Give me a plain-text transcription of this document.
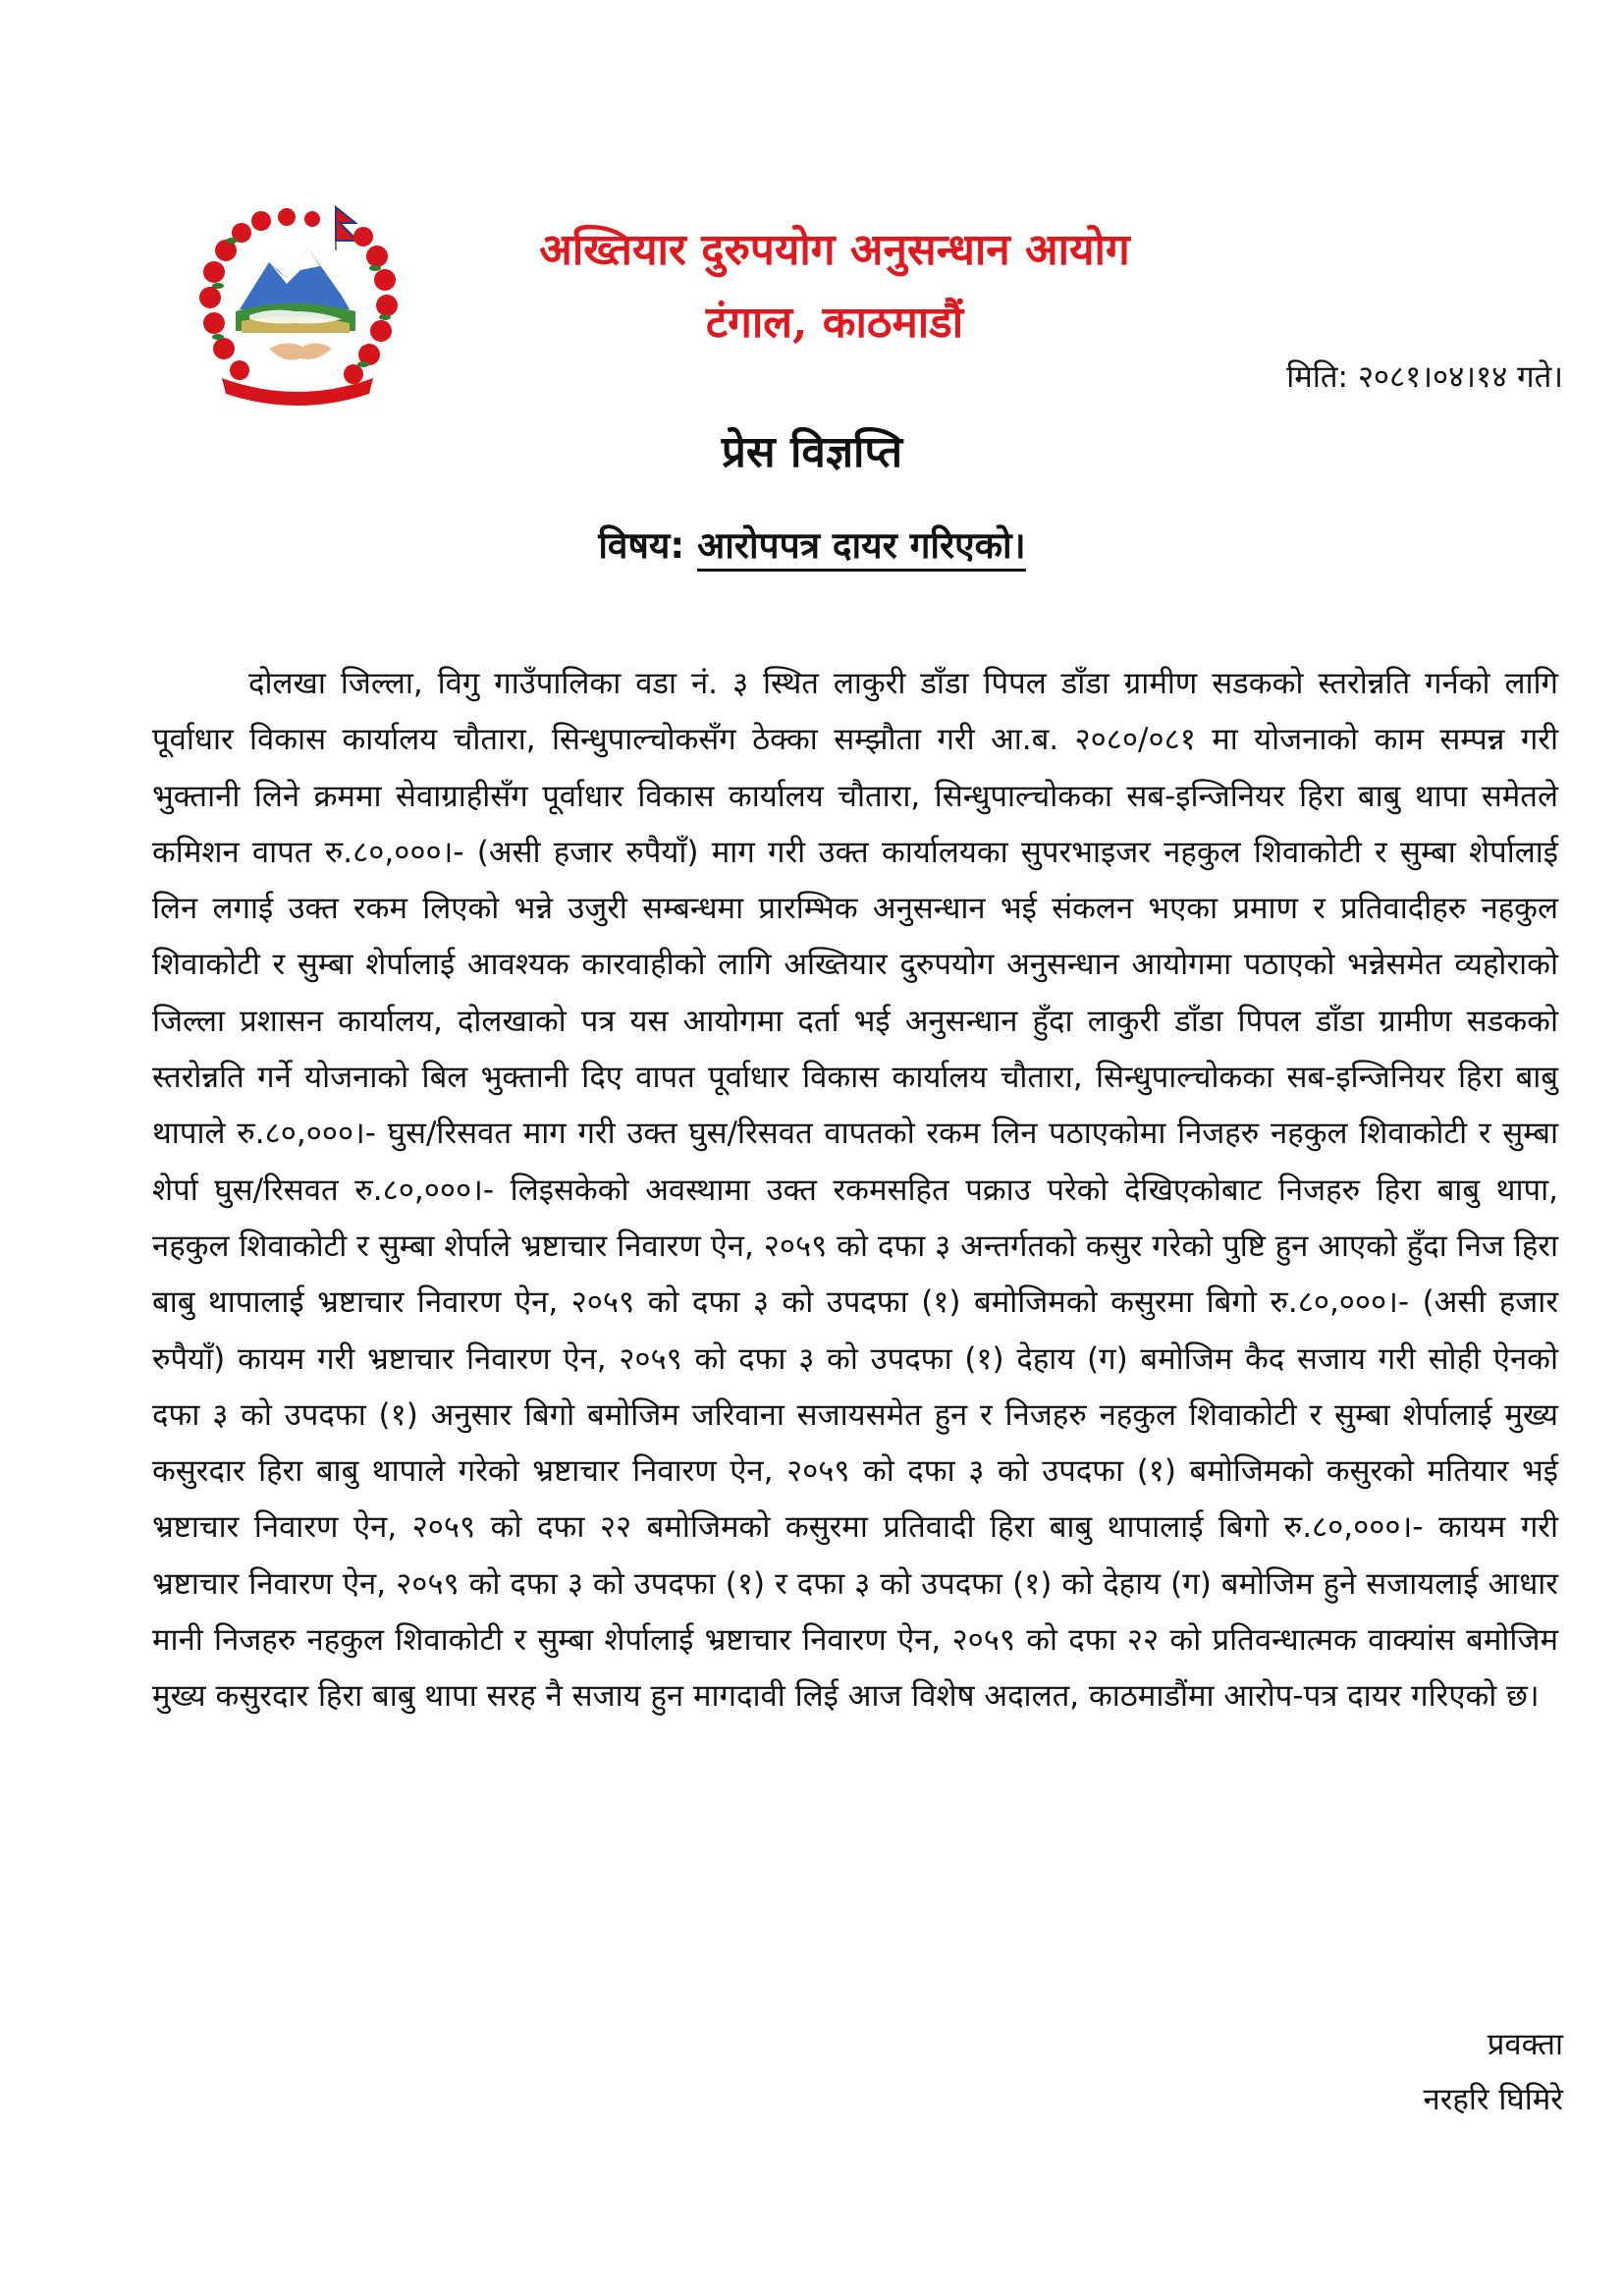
अख्तियार दुरुपयोग अनुसन्धान आयोग
टंगाल, काठमाडौं
मिति: २०८१।०४।१४ गते।
प्रेस विज्ञप्ति
विषय: आरोपपत्र दायर गरिएको।

दोलखा जिल्ला, विगु गाउँपालिका वडा नं. ३ स्थित लाकुरी डाँडा पिपल डाँडा ग्रामीण सडकको स्तरोन्नति गर्नको लागि पूर्वाधार विकास कार्यालय चौतारा, सिन्धुपाल्चोकसँग ठेक्का सम्झौता गरी आ.ब. २०८०/०८१ मा योजनाको काम सम्पन्न गरी भुक्तानी लिने क्रममा सेवाग्राहीसँग पूर्वाधार विकास कार्यालय चौतारा, सिन्धुपाल्चोकका सब-इन्जिनियर हिरा बाबु थापा समेतले कमिशन वापत रु.८०,०००।- (असी हजार रुपैयाँ) माग गरी उक्त कार्यालयका सुपरभाइजर नहकुल शिवाकोटी र सुम्बा शेर्पालाई लिन लगाई उक्त रकम लिएको भन्ने उजुरी सम्बन्धमा प्रारम्भिक अनुसन्धान भई संकलन भएका प्रमाण र प्रतिवादीहरु नहकुल शिवाकोटी र सुम्बा शेर्पालाई आवश्यक कारवाहीको लागि अख्तियार दुरुपयोग अनुसन्धान आयोगमा पठाएको भन्नेसमेत व्यहोराको जिल्ला प्रशासन कार्यालय, दोलखाको पत्र यस आयोगमा दर्ता भई अनुसन्धान हुँदा लाकुरी डाँडा पिपल डाँडा ग्रामीण सडकको स्तरोन्नति गर्ने योजनाको बिल भुक्तानी दिए वापत पूर्वाधार विकास कार्यालय चौतारा, सिन्धुपाल्चोकका सब-इन्जिनियर हिरा बाबु थापाले रु.८०,०००।- घुस/रिसवत माग गरी उक्त घुस/रिसवत वापतको रकम लिन पठाएकोमा निजहरु नहकुल शिवाकोटी र सुम्बा शेर्पा घुस/रिसवत रु.८०,०००।- लिइसकेको अवस्थामा उक्त रकमसहित पक्राउ परेको देखिएकोबाट निजहरु हिरा बाबु थापा, नहकुल शिवाकोटी र सुम्बा शेर्पाले भ्रष्टाचार निवारण ऐन, २०५९ को दफा ३ अन्तर्गतको कसुर गरेको पुष्टि हुन आएको हुँदा निज हिरा बाबु थापालाई भ्रष्टाचार निवारण ऐन, २०५९ को दफा ३ को उपदफा (१) बमोजिमको कसुरमा बिगो रु.८०,०००।- (असी हजार रुपैयाँ) कायम गरी भ्रष्टाचार निवारण ऐन, २०५९ को दफा ३ को उपदफा (१) देहाय (ग) बमोजिम कैद सजाय गरी सोही ऐनको दफा ३ को उपदफा (१) अनुसार बिगो बमोजिम जरिवाना सजायसमेत हुन र निजहरु नहकुल शिवाकोटी र सुम्बा शेर्पालाई मुख्य कसुरदार हिरा बाबु थापाले गरेको भ्रष्टाचार निवारण ऐन, २०५९ को दफा ३ को उपदफा (१) बमोजिमको कसुरको मतियार भई भ्रष्टाचार निवारण ऐन, २०५९ को दफा २२ बमोजिमको कसुरमा प्रतिवादी हिरा बाबु थापालाई बिगो रु.८०,०००।- कायम गरी भ्रष्टाचार निवारण ऐन, २०५९ को दफा ३ को उपदफा (१) र दफा ३ को उपदफा (१) को देहाय (ग) बमोजिम हुने सजायलाई आधार मानी निजहरु नहकुल शिवाकोटी र सुम्बा शेर्पालाई भ्रष्टाचार निवारण ऐन, २०५९ को दफा २२ को प्रतिवन्धात्मक वाक्यांस बमोजिम मुख्य कसुरदार हिरा बाबु थापा सरह नै सजाय हुन मागदावी लिई आज विशेष अदालत, काठमाडौंमा आरोप-पत्र दायर गरिएको छ।

प्रवक्ता
नरहरि घिमिरे
